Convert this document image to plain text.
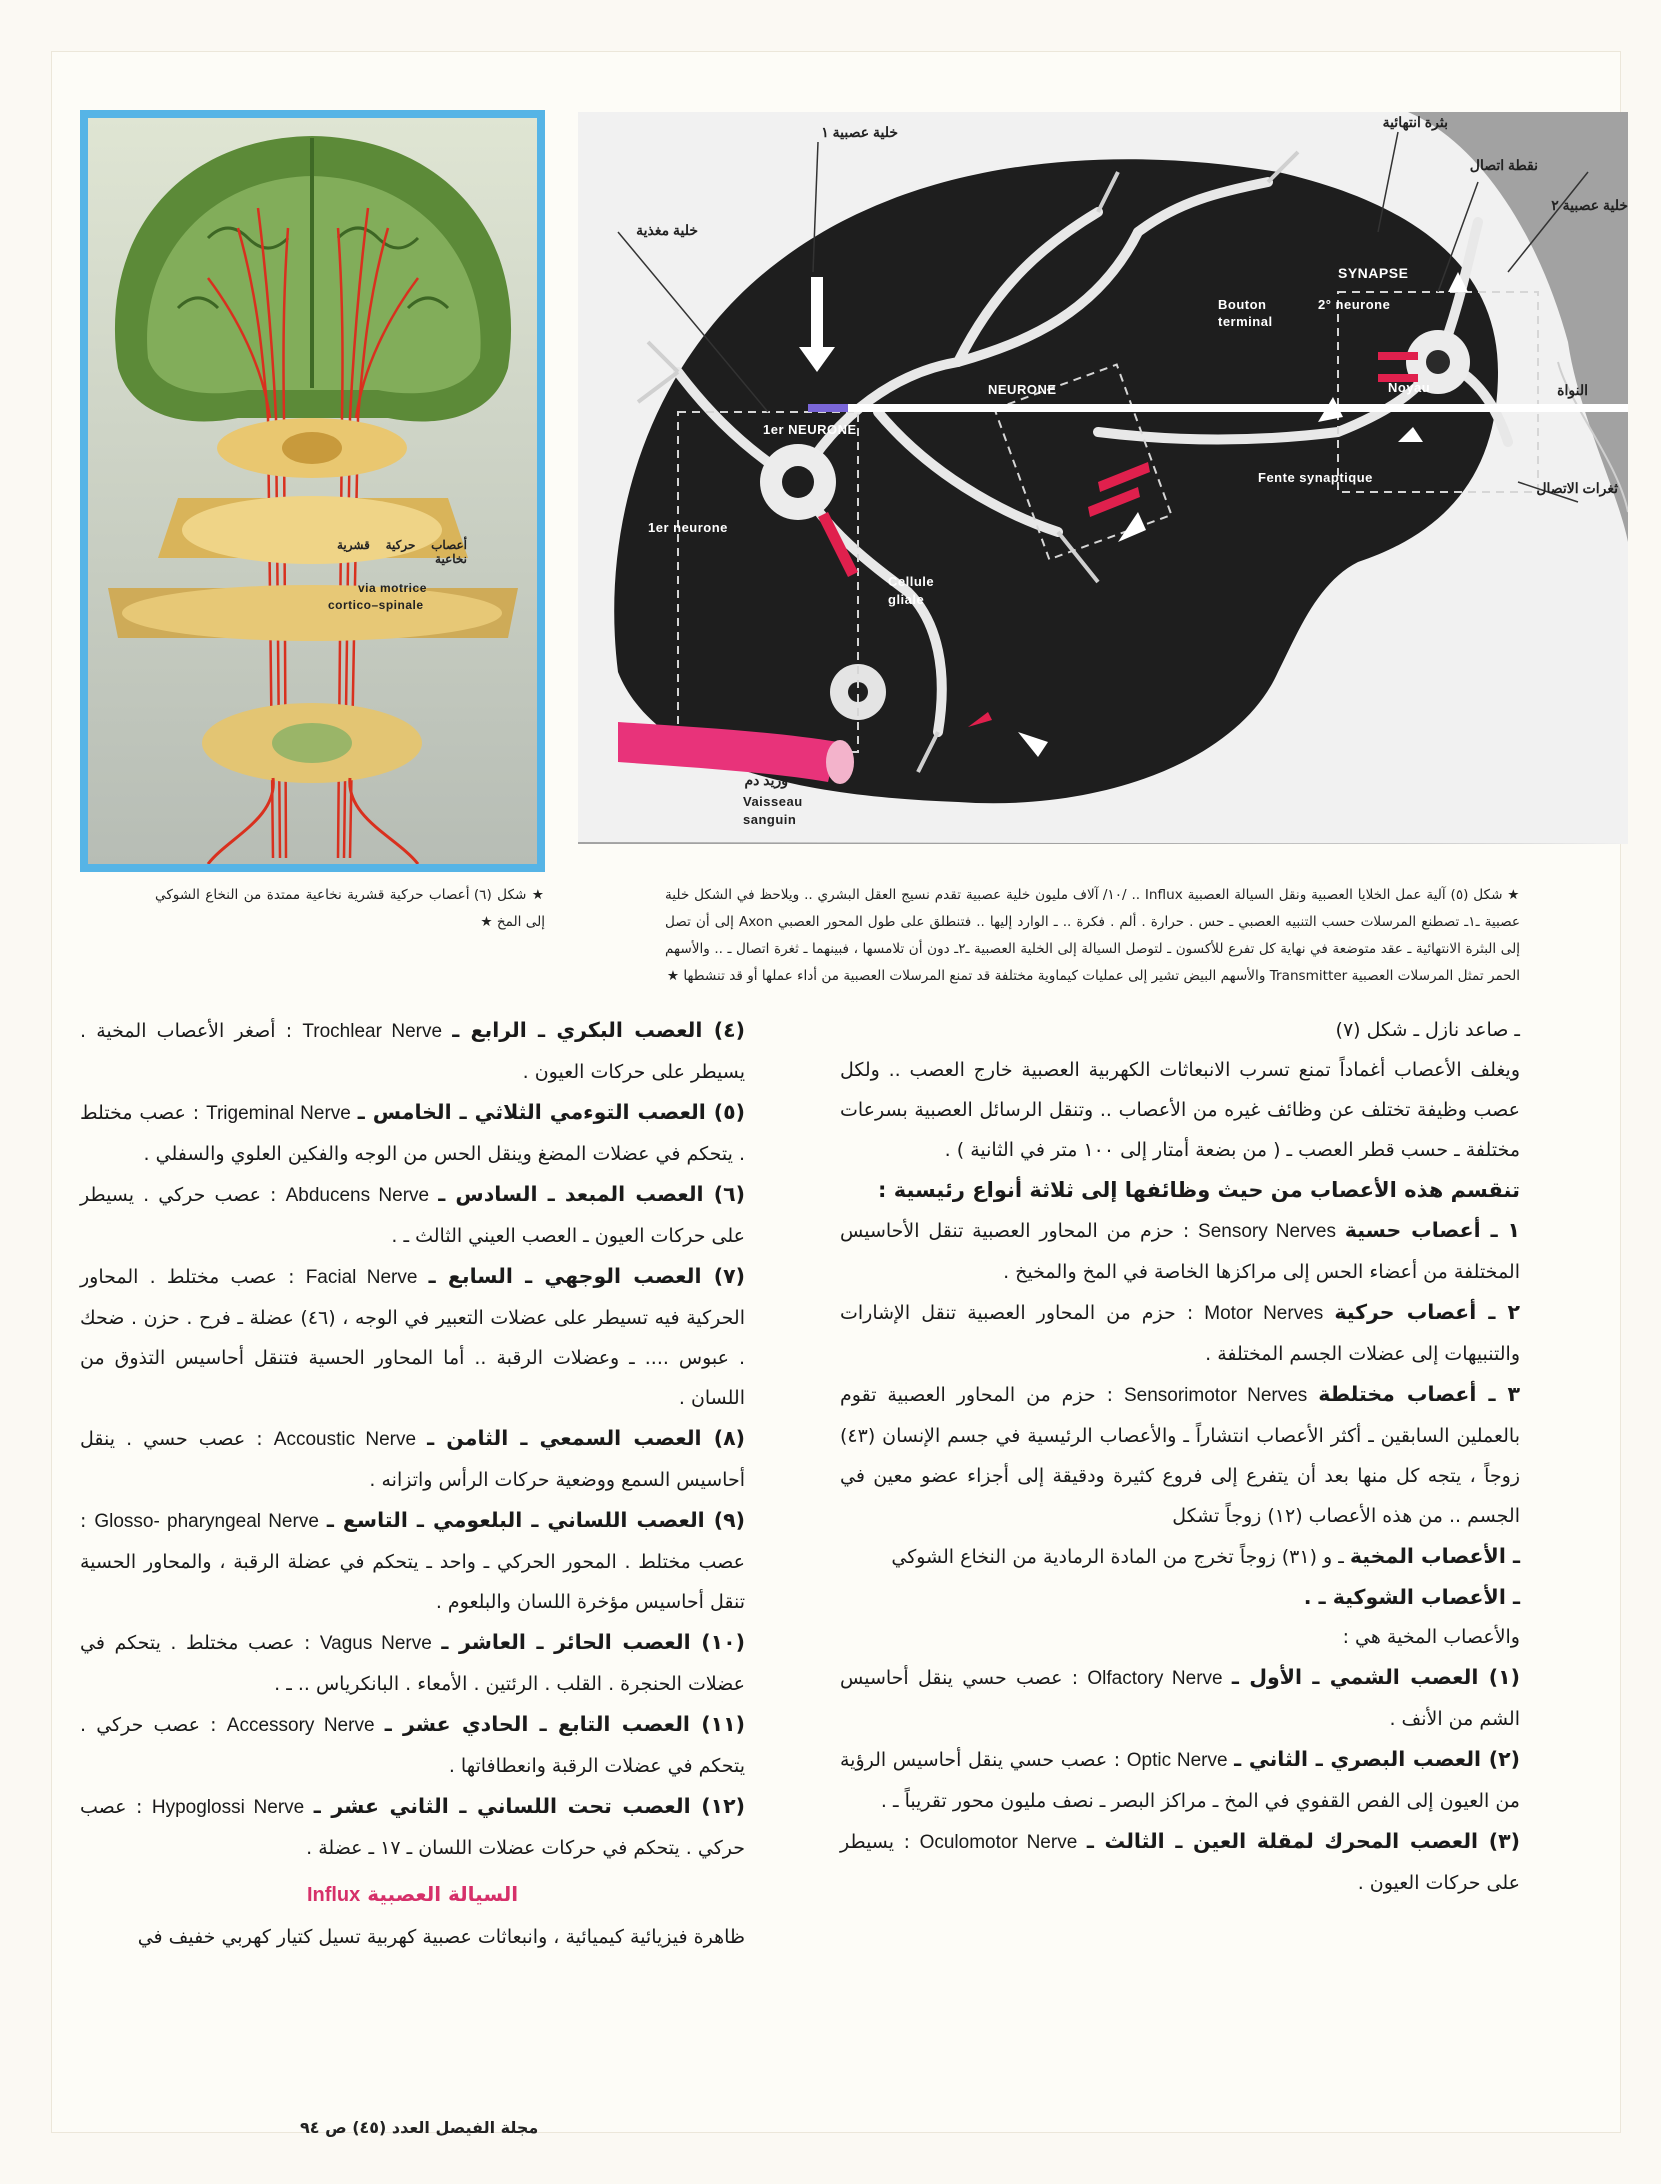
أعصاب حركية قشرية نخاعية
via motrice
cortico–spinale
خلية عصبية ١
بثرة انتهائية
نقطة اتصال
خلية عصبية ٢
خلية مغذية
SYNAPSE
Bouton
terminal
2° neurone
Noyau	النواة
1er NEURONE
NEURONE
1er neurone
Fente synaptique
ثغرات الاتصال
Cellule
gliale
وريد دم
Vaisseau
sanguin
★ شكل (٥) آلية عمل الخلايا العصبية ونقل السيالة العصبية Influx .. /١٠/ آلاف مليون خلية عصبية تقدم نسيج العقل البشري .. ويلاحظ في الشكل خلية عصبية ـ١ـ تصطنع المرسلات حسب التنبيه العصبي ـ حس . حرارة . ألم . فكرة .. ـ الوارد إليها .. فتنطلق على طول المحور العصبي Axon إلى أن تصل إلى البثرة الانتهائية ـ عقد متوضعة في نهاية كل تفرع للأكسون ـ لتوصل السيالة إلى الخلية العصبية ـ٢ـ دون أن تلامسها ، فبينهما ـ ثغرة اتصال ـ .. والأسهم الحمر تمثل المرسلات العصبية Transmitter والأسهم البيض تشير إلى عمليات كيماوية مختلفة قد تمنع المرسلات العصبية من أداء عملها أو قد تنشطها ★
★ شكل (٦) أعصاب حركية قشرية نخاعية ممتدة من النخاع الشوكي إلى المخ ★

ـ صاعد نازل ـ شكل (٧)

ويغلف الأعصاب أغماداً تمنع تسرب الانبعاثات الكهربية العصبية خارج العصب .. ولكل عصب وظيفة تختلف عن وظائف غيره من الأعصاب .. وتنقل الرسائل العصبية بسرعات مختلفة ـ حسب قطر العصب ـ ( من بضعة أمتار إلى ١٠٠ متر في الثانية ) .

تنقسم هذه الأعصاب من حيث وظائفها إلى ثلاثة أنواع رئيسية :

١ ـ أعصاب حسية Sensory Nerves : حزم من المحاور العصبية تنقل الأحاسيس المختلفة من أعضاء الحس إلى مراكزها الخاصة في المخ والمخيخ .

٢ ـ أعصاب حركية Motor Nerves : حزم من المحاور العصبية تنقل الإشارات والتنبيهات إلى عضلات الجسم المختلفة .

٣ ـ أعصاب مختلطة Sensorimotor Nerves : حزم من المحاور العصبية تقوم بالعملين السابقين ـ أكثر الأعصاب انتشاراً ـ والأعصاب الرئيسية في جسم الإنسان (٤٣) زوجاً ، يتجه كل منها بعد أن يتفرع إلى فروع كثيرة ودقيقة إلى أجزاء عضو معين في الجسم .. من هذه الأعصاب (١٢) زوجاً تشكل

ـ الأعصاب المخية ـ و (٣١) زوجاً تخرج من المادة الرمادية من النخاع الشوكي

ـ الأعصاب الشوكية ـ .

والأعصاب المخية هي :

(١) العصب الشمي ـ الأول ـ Olfactory Nerve : عصب حسي ينقل أحاسيس الشم من الأنف .

(٢) العصب البصري ـ الثاني ـ Optic Nerve : عصب حسي ينقل أحاسيس الرؤية من العيون إلى الفص القفوي في المخ ـ مراكز البصر ـ نصف مليون محور تقريباً ـ .

(٣) العصب المحرك لمقلة العين ـ الثالث ـ Oculomotor Nerve : يسيطر على حركات العيون .

(٤) العصب البكري ـ الرابع ـ Trochlear Nerve : أصغر الأعصاب المخية . يسيطر على حركات العيون .

(٥) العصب التوءمي الثلاثي ـ الخامس ـ Trigeminal Nerve : عصب مختلط . يتحكم في عضلات المضغ وينقل الحس من الوجه والفكين العلوي والسفلي .

(٦) العصب المبعد ـ السادس ـ Abducens Nerve : عصب حركي . يسيطر على حركات العيون ـ العصب العيني الثالث ـ .

(٧) العصب الوجهي ـ السابع ـ Facial Nerve : عصب مختلط . المحاور الحركية فيه تسيطر على عضلات التعبير في الوجه ، (٤٦) عضلة ـ فرح . حزن . ضحك . عبوس .... ـ وعضلات الرقبة .. أما المحاور الحسية فتنقل أحاسيس التذوق من اللسان .

(٨) العصب السمعي ـ الثامن ـ Accoustic Nerve : عصب حسي . ينقل أحاسيس السمع ووضعية حركات الرأس واتزانه .

(٩) العصب اللساني ـ البلعومي ـ التاسع ـ Glosso- pharyngeal Nerve : عصب مختلط . المحور الحركي ـ واحد ـ يتحكم في عضلة الرقبة ، والمحاور الحسية تنقل أحاسيس مؤخرة اللسان والبلعوم .

(١٠) العصب الحائر ـ العاشر ـ Vagus Nerve : عصب مختلط . يتحكم في عضلات الحنجرة . القلب . الرئتين . الأمعاء . البانكرياس .. ـ .

(١١) العصب التابع ـ الحادي عشر ـ Accessory Nerve : عصب حركي . يتحكم في عضلات الرقبة وانعطافاتها .

(١٢) العصب تحت اللساني ـ الثاني عشر ـ Hypoglossi Nerve : عصب حركي . يتحكم في حركات عضلات اللسان ـ ١٧ ـ عضلة .

السيالة العصبية Influx

ظاهرة فيزيائية كيميائية ، وانبعاثات عصبية كهربية تسيل كتيار كهربي خفيف في

مجلة الفيصل العدد (٤٥) ص ٩٤
